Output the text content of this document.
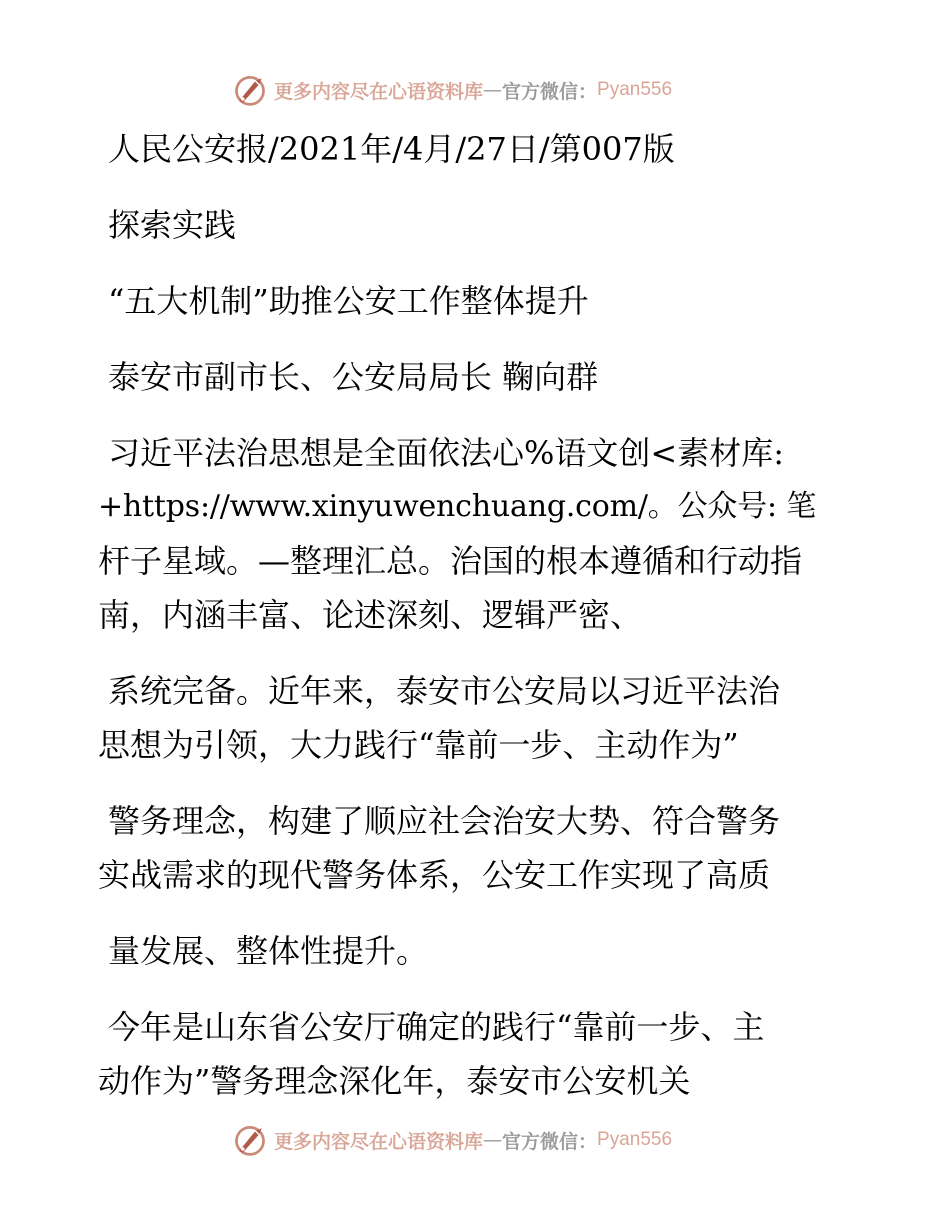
更多内容尽在心语资料库 — 官方微信： Pyan556
人民公安报/2021年/4月/27日/第007版
探索实践
“五大机制”助推公安工作整体提升
泰安市副市长、公安局局长 鞠向群
习近平法治思想是全面依法心%语文创<素材库:
+https://www.xinyuwenchuang.com/。公众号: 笔
杆子星域。—整理汇总。治国的根本遵循和行动指
南，内涵丰富、论述深刻、逻辑严密、
系统完备。近年来，泰安市公安局以习近平法治
思想为引领，大力践行“靠前一步、主动作为”
警务理念，构建了顺应社会治安大势、符合警务
实战需求的现代警务体系，公安工作实现了高质
量发展、整体性提升。
今年是山东省公安厅确定的践行“靠前一步、主
动作为”警务理念深化年，泰安市公安机关
更多内容尽在心语资料库 — 官方微信： Pyan556
